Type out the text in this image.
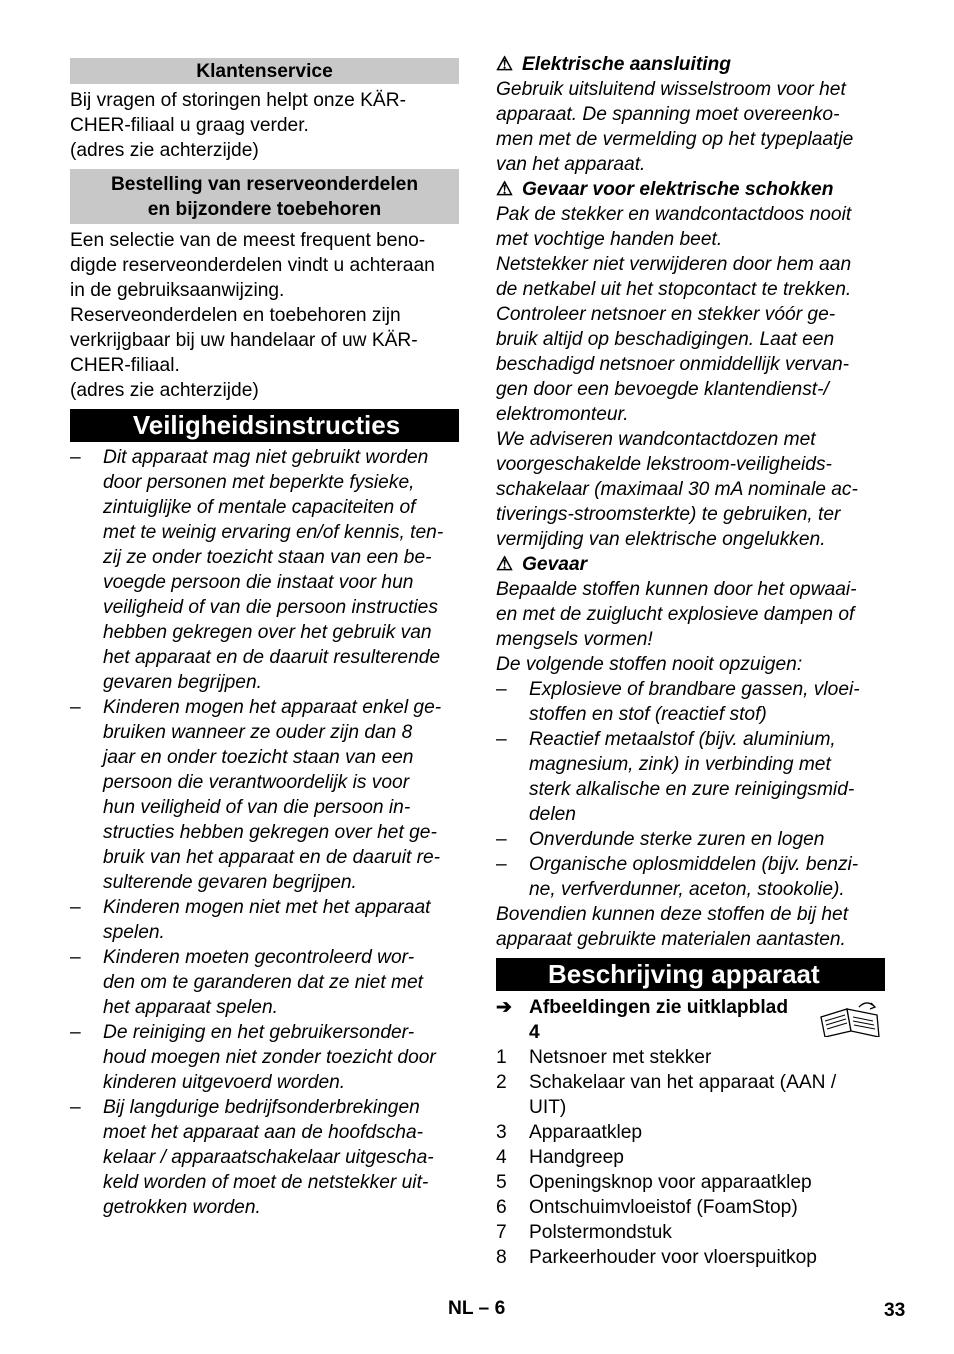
Klantenservice

Bij vragen of storingen helpt onze KÄR-

CHER-filiaal u graag verder.

(adres zie achterzijde)

Bestelling van reserveonderdelen
en bijzondere toebehoren

Een selectie van de meest frequent beno-

digde reserveonderdelen vindt u achteraan

in de gebruiksaanwijzing.

Reserveonderdelen en toebehoren zijn

verkrijgbaar bij uw handelaar of uw KÄR-

CHER-filiaal.

(adres zie achterzijde)

Veiligheidsinstructies
– Dit apparaat mag niet gebruikt worden
door personen met beperkte fysieke,
zintuiglijke of mentale capaciteiten of
met te weinig ervaring en/of kennis, ten-
zij ze onder toezicht staan van een be-
voegde persoon die instaat voor hun
veiligheid of van die persoon instructies
hebben gekregen over het gebruik van
het apparaat en de daaruit resulterende
gevaren begrijpen.
– Kinderen mogen het apparaat enkel ge-
bruiken wanneer ze ouder zijn dan 8
jaar en onder toezicht staan van een
persoon die verantwoordelijk is voor
hun veiligheid of van die persoon in-
structies hebben gekregen over het ge-
bruik van het apparaat en de daaruit re-
sulterende gevaren begrijpen.
– Kinderen mogen niet met het apparaat
spelen.
– Kinderen moeten gecontroleerd wor-
den om te garanderen dat ze niet met
het apparaat spelen.
– De reiniging en het gebruikersonder-
houd moegen niet zonder toezicht door
kinderen uitgevoerd worden.
– Bij langdurige bedrijfsonderbrekingen
moet het apparaat aan de hoofdscha-
kelaar / apparaatschakelaar uitgescha-
keld worden of moet de netstekker uit-
getrokken worden.

⚠ Elektrische aansluiting

Gebruik uitsluitend wisselstroom voor het

apparaat. De spanning moet overeenko-

men met de vermelding op het typeplaatje

van het apparaat.

⚠ Gevaar voor elektrische schokken

Pak de stekker en wandcontactdoos nooit

met vochtige handen beet.

Netstekker niet verwijderen door hem aan

de netkabel uit het stopcontact te trekken.

Controleer netsnoer en stekker vóór ge-

bruik altijd op beschadigingen. Laat een

beschadigd netsnoer onmiddellijk vervan-

gen door een bevoegde klantendienst-/

elektromonteur.

We adviseren wandcontactdozen met

voorgeschakelde lekstroom-veiligheids-

schakelaar (maximaal 30 mA nominale ac-

tiverings-stroomsterkte) te gebruiken, ter

vermijding van elektrische ongelukken.

⚠ Gevaar

Bepaalde stoffen kunnen door het opwaai-

en met de zuiglucht explosieve dampen of

mengsels vormen!

De volgende stoffen nooit opzuigen:

– Explosieve of brandbare gassen, vloei-
stoffen en stof (reactief stof)
– Reactief metaalstof (bijv. aluminium,
magnesium, zink) in verbinding met
sterk alkalische en zure reinigingsmid-
delen
– Onverdunde sterke zuren en logen
– Organische oplosmiddelen (bijv. benzi-
ne, verfverdunner, aceton, stookolie).

Bovendien kunnen deze stoffen de bij het

apparaat gebruikte materialen aantasten.

Beschrijving apparaat
➔ Afbeeldingen zie uitklapblad
4
1 Netsnoer met stekker
2 Schakelaar van het apparaat (AAN /
UIT)
3 Apparaatklep
4 Handgreep
5 Openingsknop voor apparaatklep
6 Ontschuimvloeistof (FoamStop)
7 Polstermondstuk
8 Parkeerhouder voor vloerspuitkop
NL – 6	33
